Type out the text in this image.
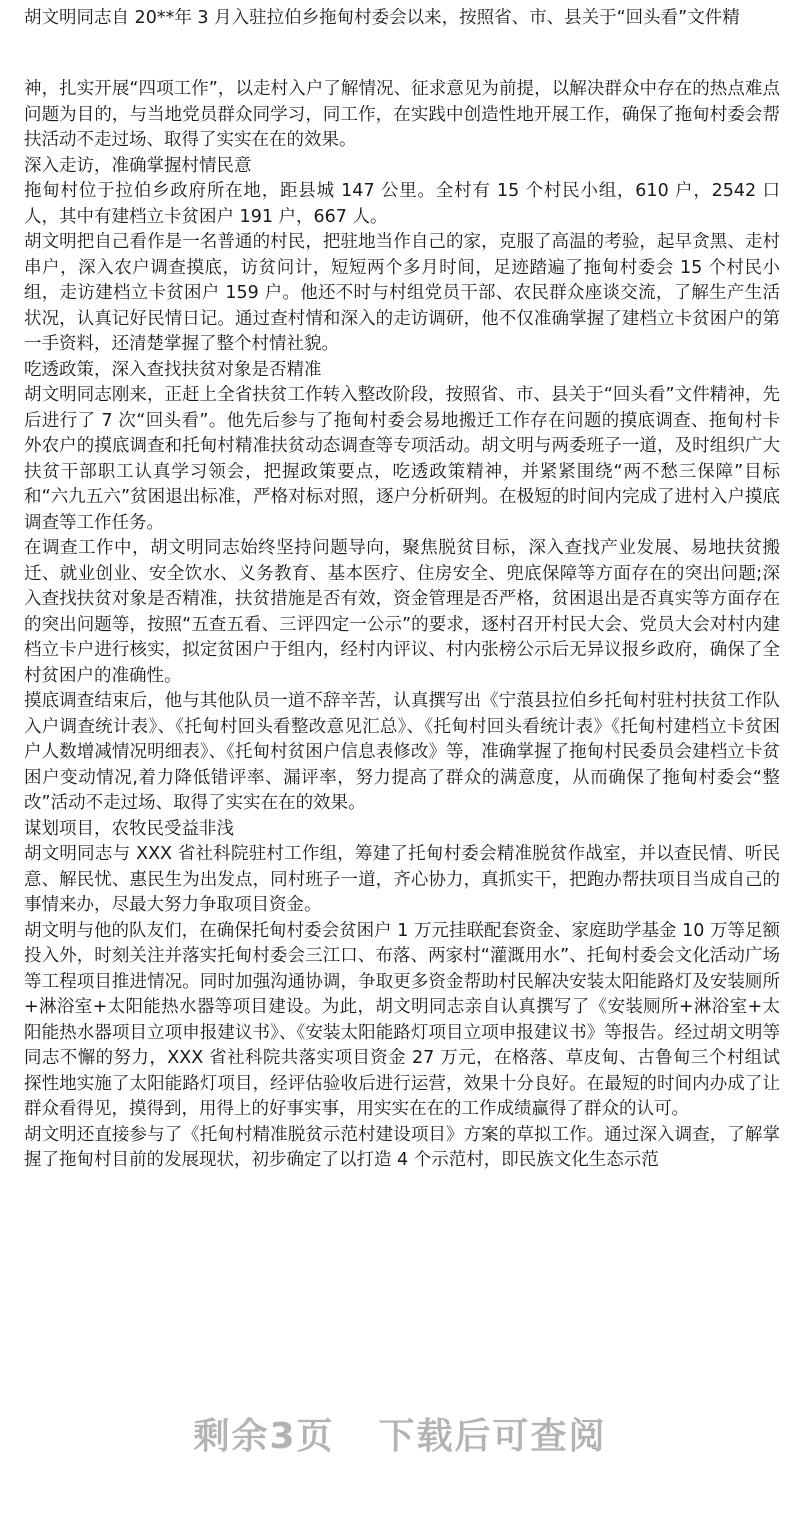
胡文明同志自 20**年 3 月入驻拉伯乡拖甸村委会以来，按照省、市、县关于“回头看”文件精

神，扎实开展“四项工作”，以走村入户了解情况、征求意见为前提，以解决群众中存在的热点难点问题为目的，与当地党员群众同学习，同工作，在实践中创造性地开展工作，确保了拖甸村委会帮扶活动不走过场、取得了实实在在的效果。

深入走访，准确掌握村情民意

拖甸村位于拉伯乡政府所在地，距县城 147 公里。全村有 15 个村民小组，610 户，2542 口人，其中有建档立卡贫困户 191 户，667 人。

胡文明把自己看作是一名普通的村民，把驻地当作自己的家，克服了高温的考验，起早贪黑、走村串户，深入农户调查摸底，访贫问计，短短两个多月时间，足迹踏遍了拖甸村委会 15 个村民小组，走访建档立卡贫困户 159 户。他还不时与村组党员干部、农民群众座谈交流，了解生产生活状况，认真记好民情日记。通过查村情和深入的走访调研，他不仅准确掌握了建档立卡贫困户的第一手资料，还清楚掌握了整个村情社貌。

吃透政策，深入查找扶贫对象是否精准

胡文明同志刚来，正赶上全省扶贫工作转入整改阶段，按照省、市、县关于“回头看”文件精神，先后进行了 7 次“回头看”。他先后参与了拖甸村委会易地搬迁工作存在问题的摸底调查、拖甸村卡外农户的摸底调查和托甸村精准扶贫动态调查等专项活动。胡文明与两委班子一道，及时组织广大扶贫干部职工认真学习领会，把握政策要点，吃透政策精神，并紧紧围绕“两不愁三保障”目标和“六九五六”贫困退出标准，严格对标对照，逐户分析研判。在极短的时间内完成了进村入户摸底调查等工作任务。

在调查工作中，胡文明同志始终坚持问题导向，聚焦脱贫目标，深入查找产业发展、易地扶贫搬迁、就业创业、安全饮水、义务教育、基本医疗、住房安全、兜底保障等方面存在的突出问题;深入查找扶贫对象是否精准，扶贫措施是否有效，资金管理是否严格，贫困退出是否真实等方面存在的突出问题等，按照“五查五看、三评四定一公示”的要求，逐村召开村民大会、党员大会对村内建档立卡户进行核实，拟定贫困户于组内，经村内评议、村内张榜公示后无异议报乡政府，确保了全村贫困户的准确性。

摸底调查结束后，他与其他队员一道不辞辛苦，认真撰写出《宁蒗县拉伯乡托甸村驻村扶贫工作队入户调查统计表》、《托甸村回头看整改意见汇总》、《托甸村回头看统计表》《托甸村建档立卡贫困户人数增减情况明细表》、《托甸村贫困户信息表修改》等，准确掌握了拖甸村民委员会建档立卡贫困户变动情况,着力降低错评率、漏评率，努力提高了群众的满意度，从而确保了拖甸村委会“整改”活动不走过场、取得了实实在在的效果。

谋划项目，农牧民受益非浅

胡文明同志与 XXX 省社科院驻村工作组，筹建了托甸村委会精准脱贫作战室，并以查民情、听民意、解民忧、惠民生为出发点，同村班子一道，齐心协力，真抓实干，把跑办帮扶项目当成自己的事情来办，尽最大努力争取项目资金。

胡文明与他的队友们，在确保托甸村委会贫困户 1 万元挂联配套资金、家庭助学基金 10 万等足额投入外，时刻关注并落实托甸村委会三江口、布落、两家村“灌溉用水”、托甸村委会文化活动广场等工程项目推进情况。同时加强沟通协调，争取更多资金帮助村民解决安装太阳能路灯及安装厕所+淋浴室+太阳能热水器等项目建设。为此，胡文明同志亲自认真撰写了《安装厕所+淋浴室+太阳能热水器项目立项申报建议书》、《安装太阳能路灯项目立项申报建议书》等报告。经过胡文明等同志不懈的努力，XXX 省社科院共落实项目资金 27 万元，在格落、草皮甸、古鲁甸三个村组试探性地实施了太阳能路灯项目，经评估验收后进行运营，效果十分良好。在最短的时间内办成了让群众看得见，摸得到，用得上的好事实事，用实实在在的工作成绩赢得了群众的认可。

胡文明还直接参与了《托甸村精准脱贫示范村建设项目》方案的草拟工作。通过深入调查，了解掌握了拖甸村目前的发展现状，初步确定了以打造 4 个示范村，即民族文化生态示范

剩余3页 下载后可查阅
